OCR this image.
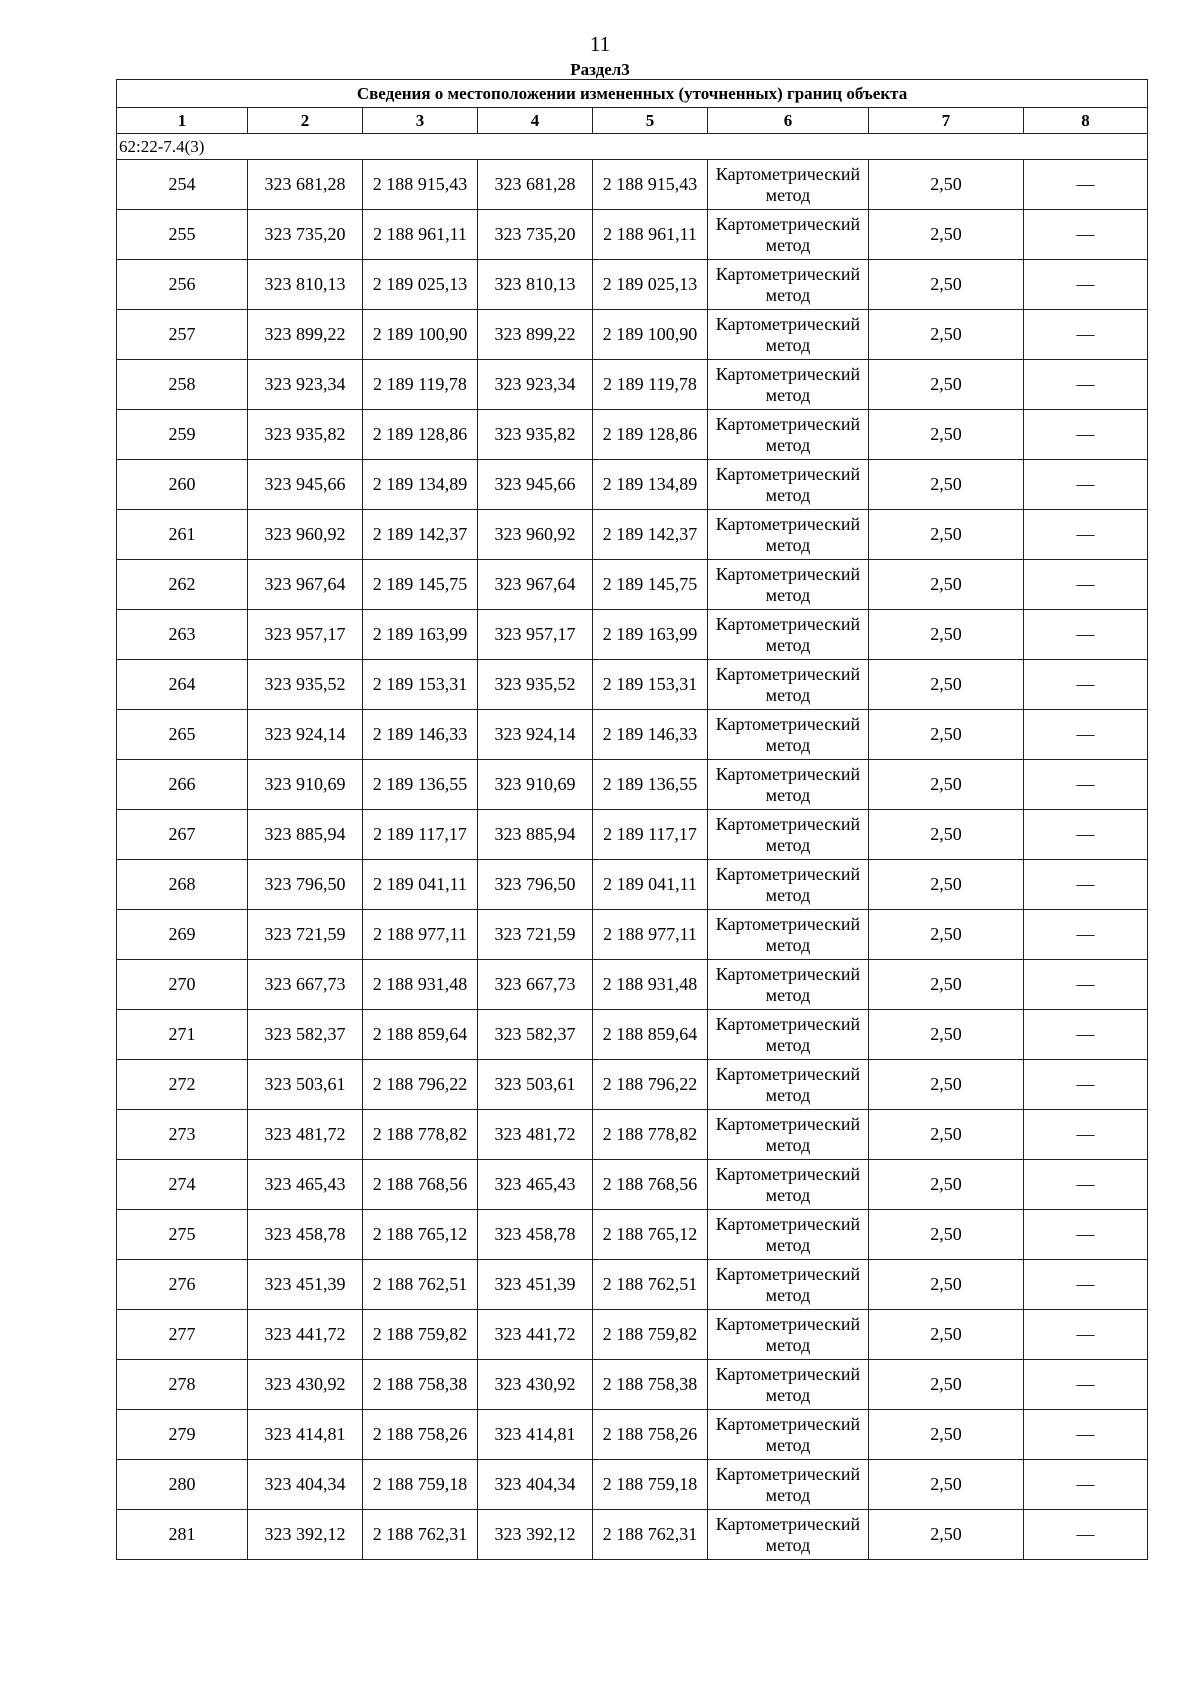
11
Раздел3
Сведения о местоположении измененных (уточненных) границ объекта							
1	2	3	4	5	6	7	8
62:22-7.4(3)							
254	323 681,28	2 188 915,43	323 681,28	2 188 915,43	Картометрический метод	2,50	—
255	323 735,20	2 188 961,11	323 735,20	2 188 961,11	Картометрический метод	2,50	—
256	323 810,13	2 189 025,13	323 810,13	2 189 025,13	Картометрический метод	2,50	—
257	323 899,22	2 189 100,90	323 899,22	2 189 100,90	Картометрический метод	2,50	—
258	323 923,34	2 189 119,78	323 923,34	2 189 119,78	Картометрический метод	2,50	—
259	323 935,82	2 189 128,86	323 935,82	2 189 128,86	Картометрический метод	2,50	—
260	323 945,66	2 189 134,89	323 945,66	2 189 134,89	Картометрический метод	2,50	—
261	323 960,92	2 189 142,37	323 960,92	2 189 142,37	Картометрический метод	2,50	—
262	323 967,64	2 189 145,75	323 967,64	2 189 145,75	Картометрический метод	2,50	—
263	323 957,17	2 189 163,99	323 957,17	2 189 163,99	Картометрический метод	2,50	—
264	323 935,52	2 189 153,31	323 935,52	2 189 153,31	Картометрический метод	2,50	—
265	323 924,14	2 189 146,33	323 924,14	2 189 146,33	Картометрический метод	2,50	—
266	323 910,69	2 189 136,55	323 910,69	2 189 136,55	Картометрический метод	2,50	—
267	323 885,94	2 189 117,17	323 885,94	2 189 117,17	Картометрический метод	2,50	—
268	323 796,50	2 189 041,11	323 796,50	2 189 041,11	Картометрический метод	2,50	—
269	323 721,59	2 188 977,11	323 721,59	2 188 977,11	Картометрический метод	2,50	—
270	323 667,73	2 188 931,48	323 667,73	2 188 931,48	Картометрический метод	2,50	—
271	323 582,37	2 188 859,64	323 582,37	2 188 859,64	Картометрический метод	2,50	—
272	323 503,61	2 188 796,22	323 503,61	2 188 796,22	Картометрический метод	2,50	—
273	323 481,72	2 188 778,82	323 481,72	2 188 778,82	Картометрический метод	2,50	—
274	323 465,43	2 188 768,56	323 465,43	2 188 768,56	Картометрический метод	2,50	—
275	323 458,78	2 188 765,12	323 458,78	2 188 765,12	Картометрический метод	2,50	—
276	323 451,39	2 188 762,51	323 451,39	2 188 762,51	Картометрический метод	2,50	—
277	323 441,72	2 188 759,82	323 441,72	2 188 759,82	Картометрический метод	2,50	—
278	323 430,92	2 188 758,38	323 430,92	2 188 758,38	Картометрический метод	2,50	—
279	323 414,81	2 188 758,26	323 414,81	2 188 758,26	Картометрический метод	2,50	—
280	323 404,34	2 188 759,18	323 404,34	2 188 759,18	Картометрический метод	2,50	—
281	323 392,12	2 188 762,31	323 392,12	2 188 762,31	Картометрический метод	2,50	—
